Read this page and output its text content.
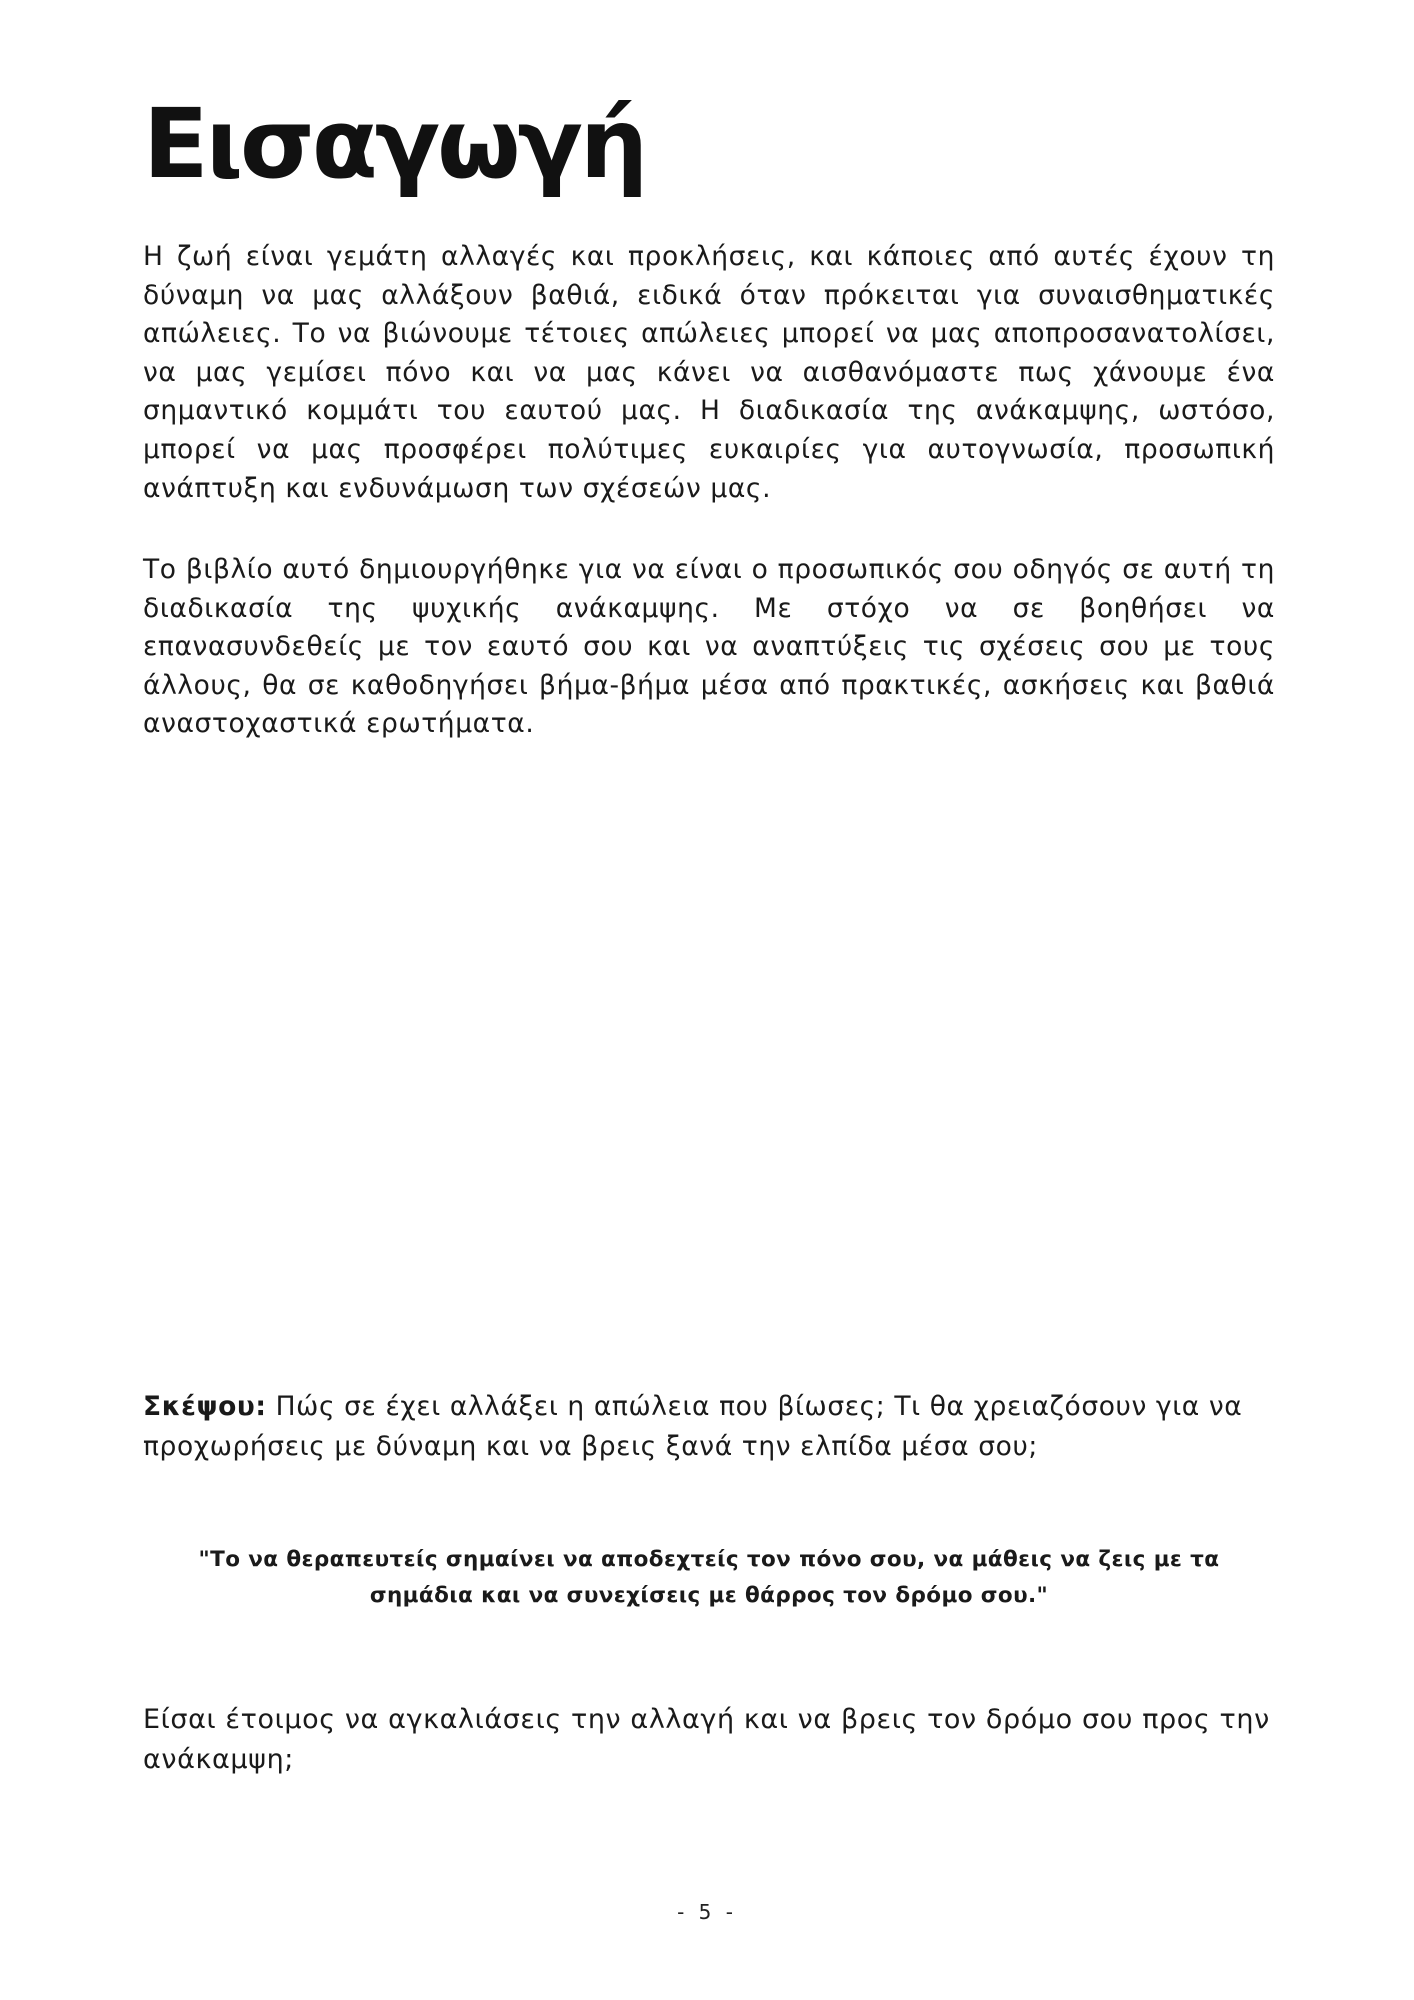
Εισαγωγή

Η ζωή είναι γεμάτη αλλαγές και προκλήσεις, και κάποιες από αυτές έχουν τη δύναμη να μας αλλάξουν βαθιά, ειδικά όταν πρόκειται για συναισθηματικές απώλειες. Το να βιώνουμε τέτοιες απώλειες μπορεί να μας αποπροσανατολίσει, να μας γεμίσει πόνο και να μας κάνει να αισθανόμαστε πως χάνουμε ένα σημαντικό κομμάτι του εαυτού μας. Η διαδικασία της ανάκαμψης, ωστόσο, μπορεί να μας προσφέρει πολύτιμες ευκαιρίες για αυτογνωσία, προσωπική ανάπτυξη και ενδυνάμωση των σχέσεών μας.

Το βιβλίο αυτό δημιουργήθηκε για να είναι ο προσωπικός σου οδηγός σε αυτή τη διαδικασία της ψυχικής ανάκαμψης. Με στόχο να σε βοηθήσει να επανασυνδεθείς με τον εαυτό σου και να αναπτύξεις τις σχέσεις σου με τους άλλους, θα σε καθοδηγήσει βήμα-βήμα μέσα από πρακτικές, ασκήσεις και βαθιά αναστοχαστικά ερωτήματα.

Σκέψου: Πώς σε έχει αλλάξει η απώλεια που βίωσες; Τι θα χρειαζόσουν για να προχωρήσεις με δύναμη και να βρεις ξανά την ελπίδα μέσα σου;

"Το να θεραπευτείς σημαίνει να αποδεχτείς τον πόνο σου, να μάθεις να ζεις με τα σημάδια και να συνεχίσεις με θάρρος τον δρόμο σου."

Είσαι έτοιμος να αγκαλιάσεις την αλλαγή και να βρεις τον δρόμο σου προς την ανάκαμψη;

- 5 -
